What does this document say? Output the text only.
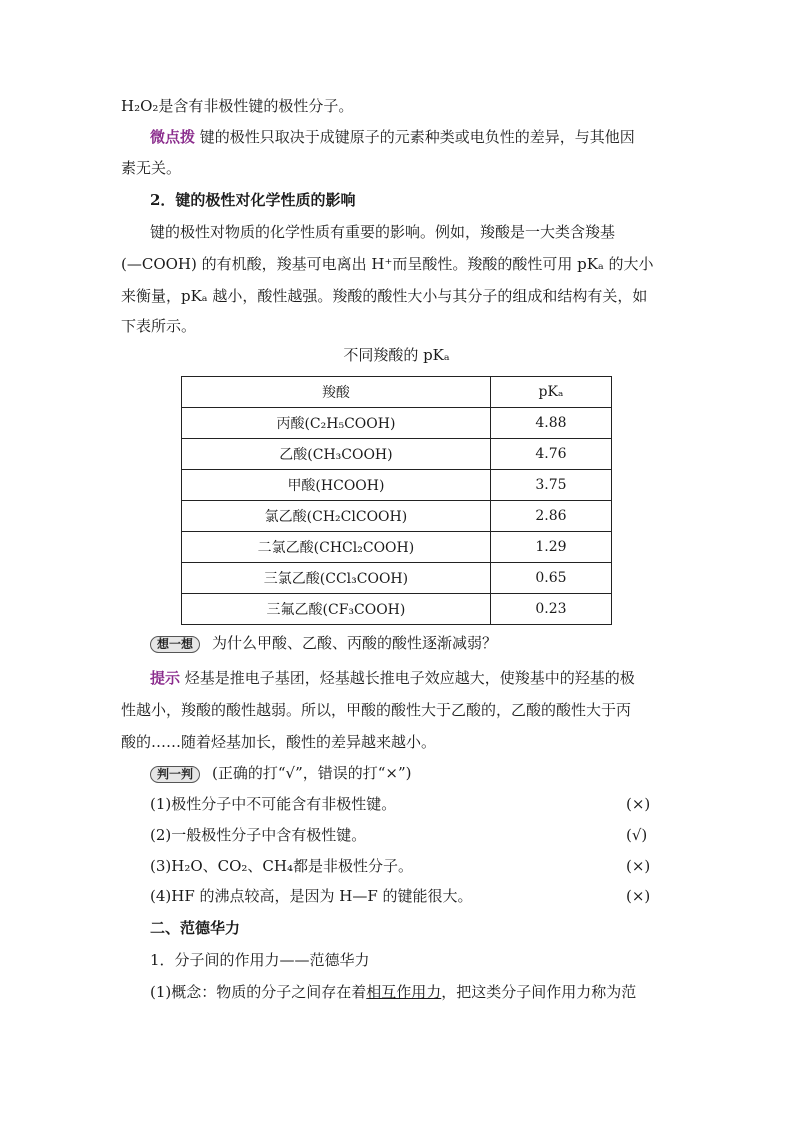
H₂O₂是含有非极性键的极性分子。
微点拨 键的极性只取决于成键原子的元素种类或电负性的差异，与其他因
素无关。
2．键的极性对化学性质的影响
键的极性对物质的化学性质有重要的影响。例如，羧酸是一大类含羧基
(—COOH) 的有机酸，羧基可电离出 H⁺而呈酸性。羧酸的酸性可用 pKₐ 的大小
来衡量，pKₐ 越小，酸性越强。羧酸的酸性大小与其分子的组成和结构有关，如
下表所示。
不同羧酸的 pKₐ
羧酸	pKₐ
丙酸(C₂H₅COOH)	4.88
乙酸(CH₃COOH)	4.76
甲酸(HCOOH)	3.75
氯乙酸(CH₂ClCOOH)	2.86
二氯乙酸(CHCl₂COOH)	1.29
三氯乙酸(CCl₃COOH)	0.65
三氟乙酸(CF₃COOH)	0.23
想一想 为什么甲酸、乙酸、丙酸的酸性逐渐减弱？
提示 烃基是推电子基团，烃基越长推电子效应越大，使羧基中的羟基的极
性越小，羧酸的酸性越弱。所以，甲酸的酸性大于乙酸的，乙酸的酸性大于丙
酸的……随着烃基加长，酸性的差异越来越小。
判一判 (正确的打“√”，错误的打“×”)
(1)极性分子中不可能含有非极性键。	(×)
(2)一般极性分子中含有极性键。	(√)
(3)H₂O、CO₂、CH₄都是非极性分子。	(×)
(4)HF 的沸点较高，是因为 H—F 的键能很大。	(×)
二、范德华力
1．分子间的作用力——范德华力
(1)概念：物质的分子之间存在着相互作用力，把这类分子间作用力称为范
